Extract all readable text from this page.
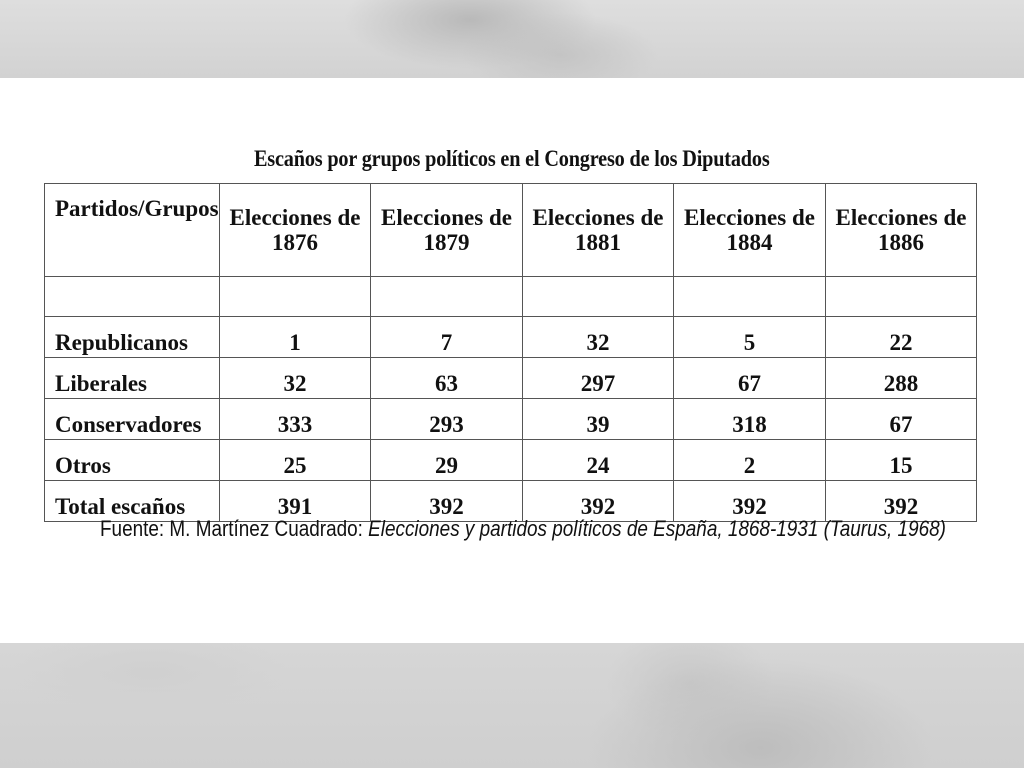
Escaños por grupos políticos en el Congreso de los Diputados
Partidos/Grupos	Elecciones de 1876	Elecciones de 1879	Elecciones de 1881	Elecciones de 1884	Elecciones de 1886

Republicanos	1	7	32	5	22
Liberales	32	63	297	67	288
Conservadores	333	293	39	318	67
Otros	25	29	24	2	15
Total escaños	391	392	392	392	392
Fuente: M. Martínez Cuadrado: Elecciones y partidos políticos de España, 1868-1931 (Taurus, 1968)
